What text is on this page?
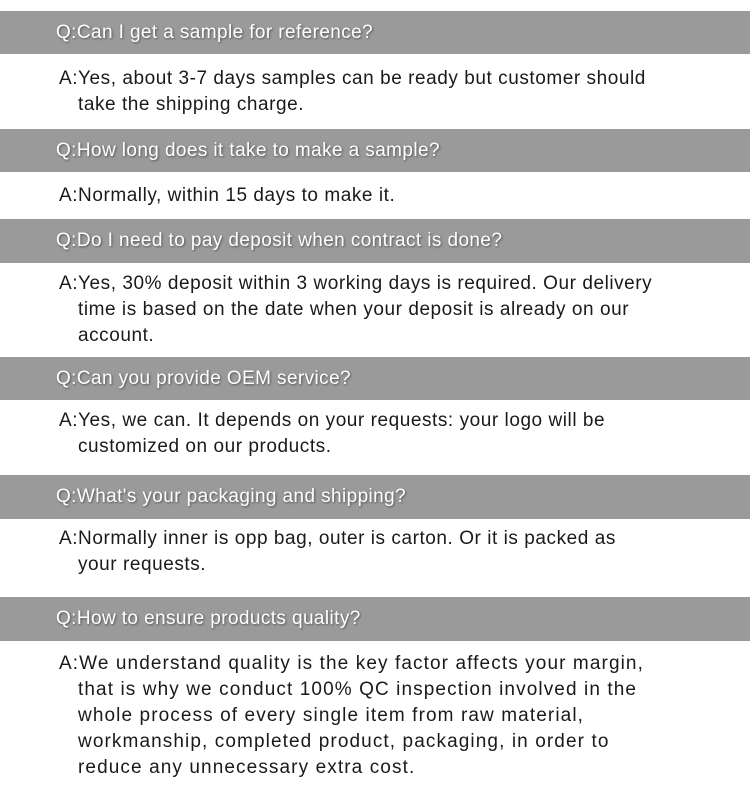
Q:Can I get a sample for reference?
A:Yes, about 3-7 days samples can be ready but customer should
take the shipping charge.
Q:How long does it take to make a sample?
A:Normally, within 15 days to make it.
Q:Do I need to pay deposit when contract is done?
A:Yes, 30% deposit within 3 working days is required. Our delivery
time is based on the date when your deposit is already on our
account.
Q:Can you provide OEM service?
A:Yes, we can. It depends on your requests: your logo will be
customized on our products.
Q:What's your packaging and shipping?
A:Normally inner is opp bag, outer is carton. Or it is packed as
your requests.
Q:How to ensure products quality?
A:We understand quality is the key factor affects your margin,
that is why we conduct 100% QC inspection involved in the
whole process of every single item from raw material,
workmanship, completed product, packaging, in order to
reduce any unnecessary extra cost.
